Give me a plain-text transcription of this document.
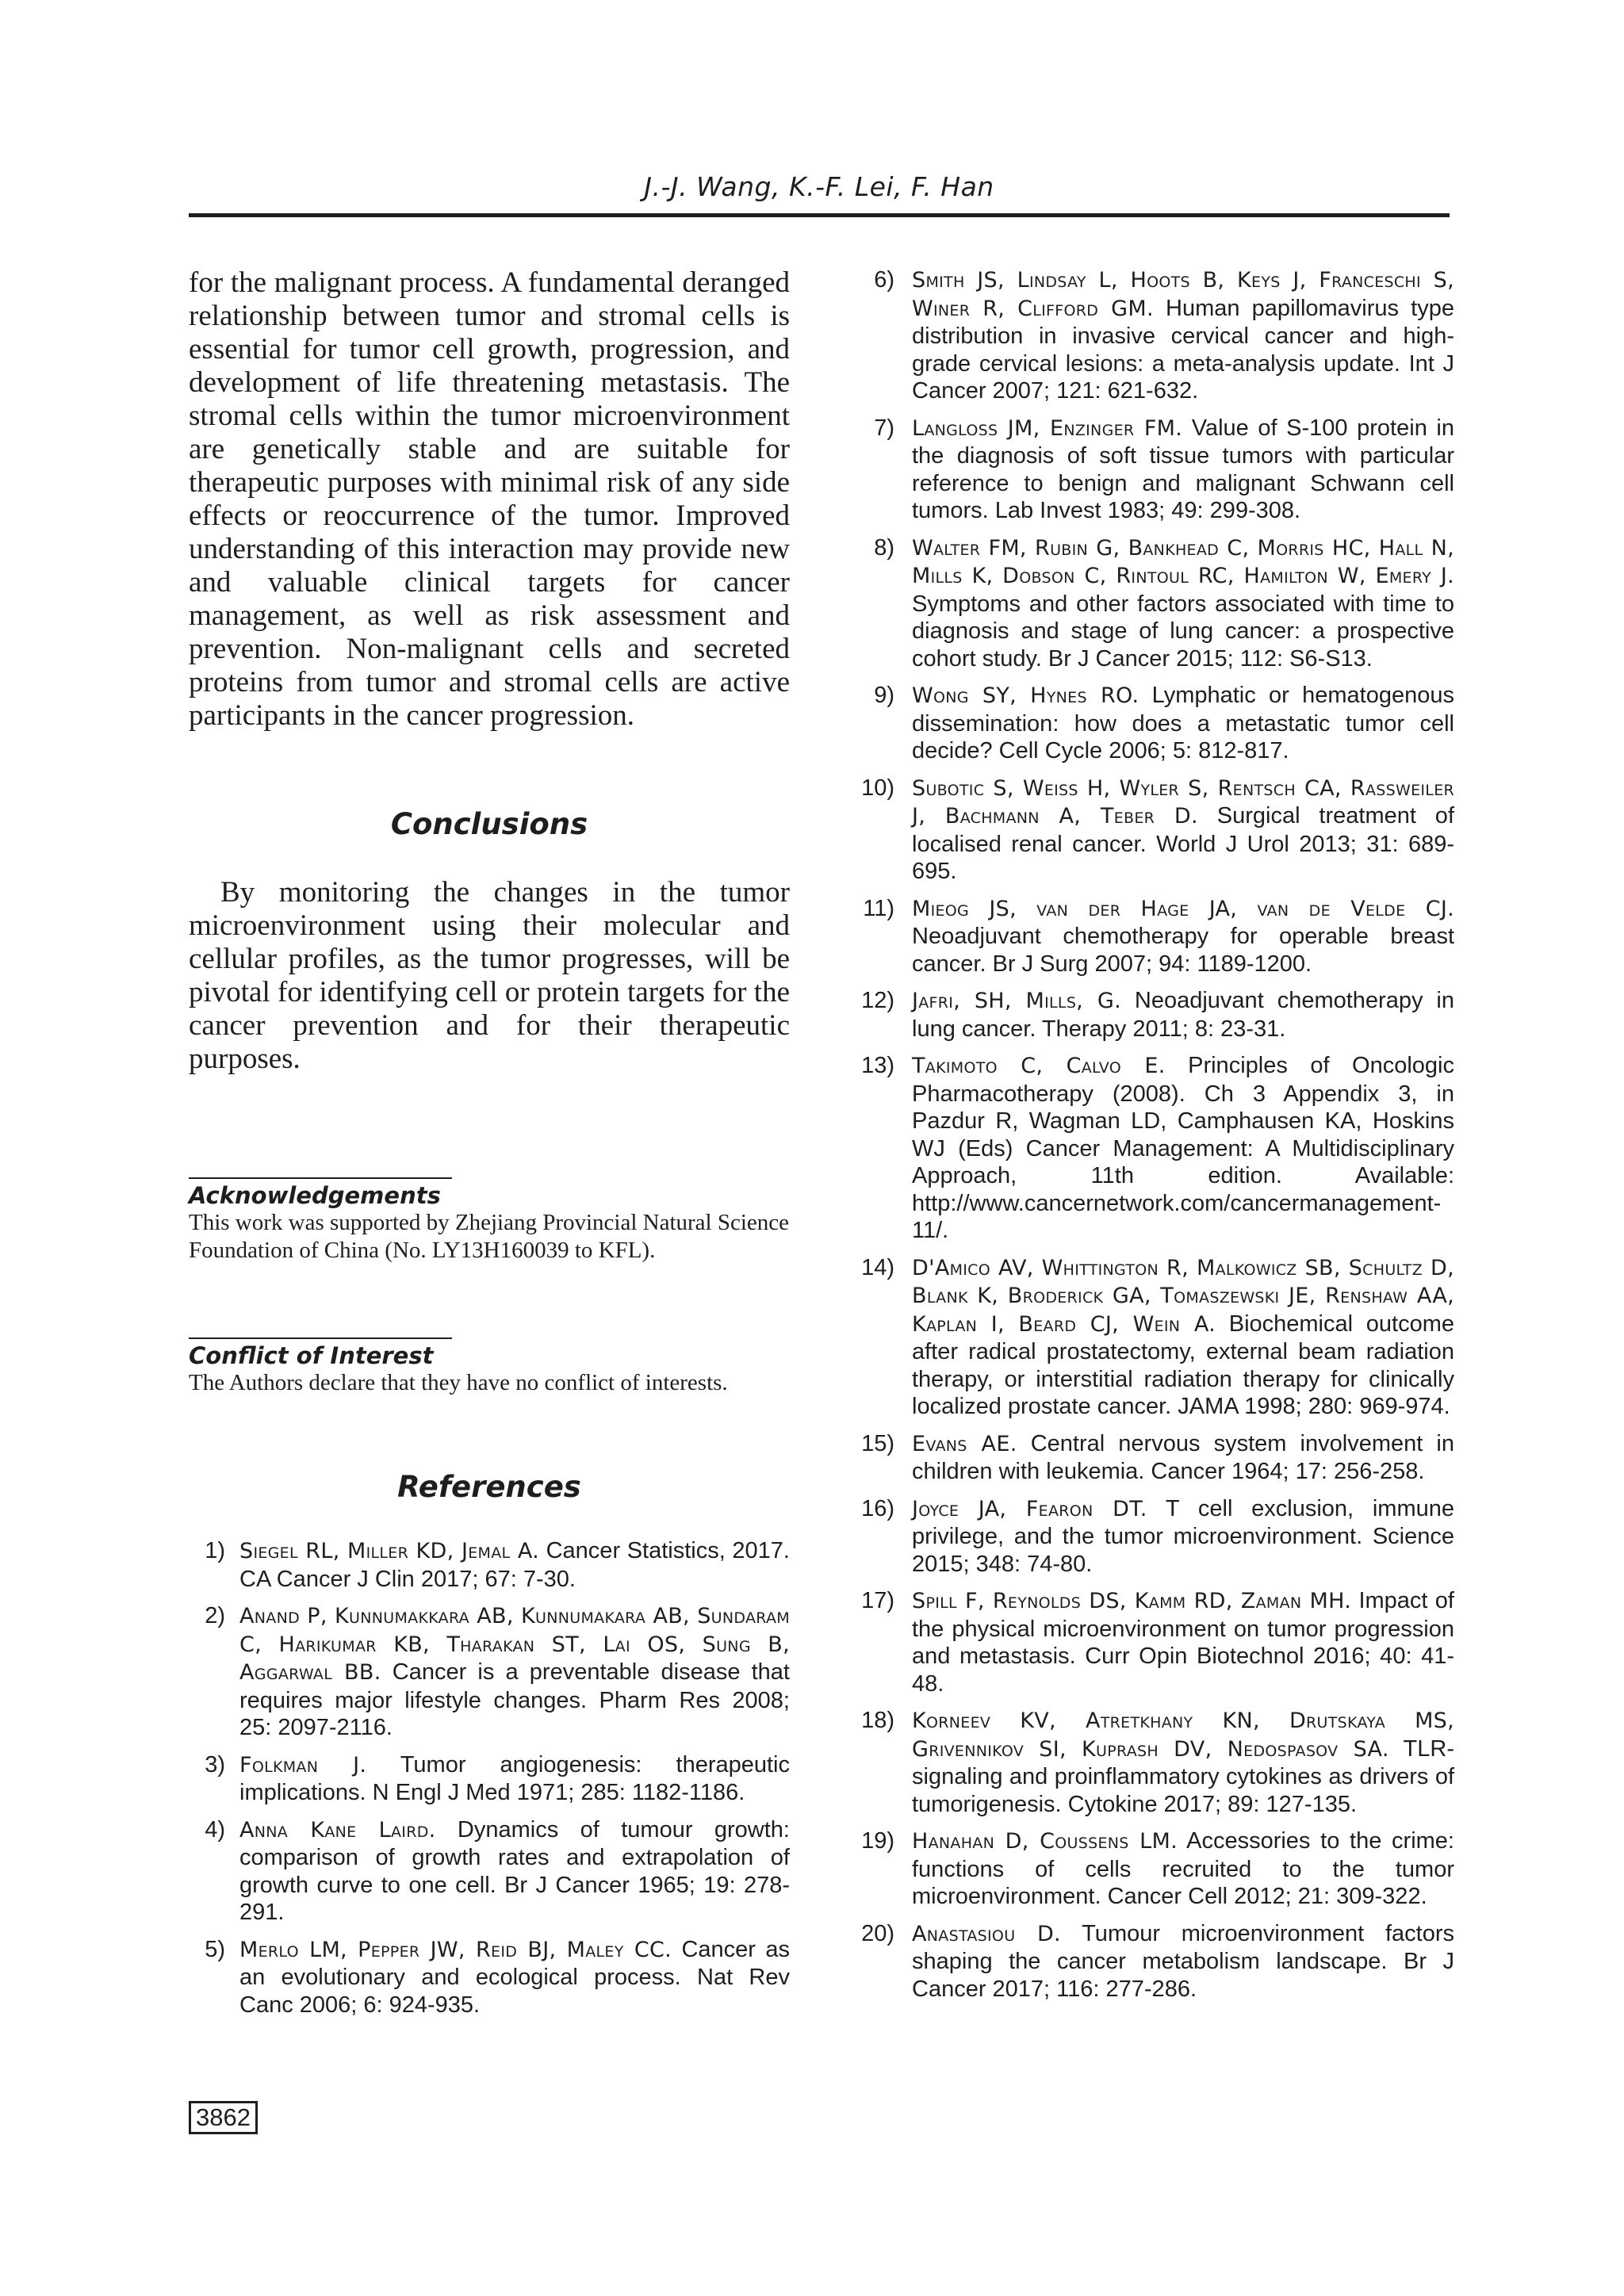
J.-J. Wang, K.-F. Lei, F. Han

for the malignant process. A fundamental deranged relationship between tumor and stromal cells is essential for tumor cell growth, progression, and development of life threatening metastasis. The stromal cells within the tumor microenvironment are genetically stable and are suitable for therapeutic purposes with minimal risk of any side effects or reoccurrence of the tumor. Improved understanding of this interaction may provide new and valuable clinical targets for cancer management, as well as risk assessment and prevention. Non-malignant cells and secreted proteins from tumor and stromal cells are active participants in the cancer progression.

Conclusions

By monitoring the changes in the tumor microenvironment using their molecular and cellular profiles, as the tumor progresses, will be pivotal for identifying cell or protein targets for the cancer prevention and for their therapeutic purposes.

Acknowledgements

This work was supported by Zhejiang Provincial Natural Science Foundation of China (No. LY13H160039 to KFL).

Conflict of Interest

The Authors declare that they have no conflict of interests.

References
1) Siegel RL, Miller KD, Jemal A. Cancer Statistics, 2017. CA Cancer J Clin 2017; 67: 7-30.
2) Anand P, Kunnumakkara AB, Kunnumakara AB, Sundaram C, Harikumar KB, Tharakan ST, Lai OS, Sung B, Aggarwal BB. Cancer is a preventable disease that requires major lifestyle changes. Pharm Res 2008; 25: 2097-2116.
3) Folkman J. Tumor angiogenesis: therapeutic implications. N Engl J Med 1971; 285: 1182-1186.
4) Anna Kane Laird. Dynamics of tumour growth: comparison of growth rates and extrapolation of growth curve to one cell. Br J Cancer 1965; 19: 278-291.
5) Merlo LM, Pepper JW, Reid BJ, Maley CC. Cancer as an evolutionary and ecological process. Nat Rev Canc 2006; 6: 924-935.
6) Smith JS, Lindsay L, Hoots B, Keys J, Franceschi S, Winer R, Clifford GM. Human papillomavirus type distribution in invasive cervical cancer and high-grade cervical lesions: a meta-analysis update. Int J Cancer 2007; 121: 621-632.
7) Langloss JM, Enzinger FM. Value of S-100 protein in the diagnosis of soft tissue tumors with particular reference to benign and malignant Schwann cell tumors. Lab Invest 1983; 49: 299-308.
8) Walter FM, Rubin G, Bankhead C, Morris HC, Hall N, Mills K, Dobson C, Rintoul RC, Hamilton W, Emery J. Symptoms and other factors associated with time to diagnosis and stage of lung cancer: a prospective cohort study. Br J Cancer 2015; 112: S6-S13.
9) Wong SY, Hynes RO. Lymphatic or hematogenous dissemination: how does a metastatic tumor cell decide? Cell Cycle 2006; 5: 812-817.
10) Subotic S, Weiss H, Wyler S, Rentsch CA, Rassweiler J, Bachmann A, Teber D. Surgical treatment of localised renal cancer. World J Urol 2013; 31: 689-695.
11) Mieog JS, van der Hage JA, van de Velde CJ. Neoadjuvant chemotherapy for operable breast cancer. Br J Surg 2007; 94: 1189-1200.
12) Jafri, SH, Mills, G. Neoadjuvant chemotherapy in lung cancer. Therapy 2011; 8: 23-31.
13) Takimoto C, Calvo E. Principles of Oncologic Pharmacotherapy (2008). Ch 3 Appendix 3, in Pazdur R, Wagman LD, Camphausen KA, Hoskins WJ (Eds) Cancer Management: A Multidisciplinary Approach, 11th edition. Available: http://www.cancernetwork.com/cancermanagement-11/.
14) D'Amico AV, Whittington R, Malkowicz SB, Schultz D, Blank K, Broderick GA, Tomaszewski JE, Renshaw AA, Kaplan I, Beard CJ, Wein A. Biochemical outcome after radical prostatectomy, external beam radiation therapy, or interstitial radiation therapy for clinically localized prostate cancer. JAMA 1998; 280: 969-974.
15) Evans AE. Central nervous system involvement in children with leukemia. Cancer 1964; 17: 256-258.
16) Joyce JA, Fearon DT. T cell exclusion, immune privilege, and the tumor microenvironment. Science 2015; 348: 74-80.
17) Spill F, Reynolds DS, Kamm RD, Zaman MH. Impact of the physical microenvironment on tumor progression and metastasis. Curr Opin Biotechnol 2016; 40: 41-48.
18) Korneev KV, Atretkhany KN, Drutskaya MS, Grivennikov SI, Kuprash DV, Nedospasov SA. TLR-signaling and proinflammatory cytokines as drivers of tumorigenesis. Cytokine 2017; 89: 127-135.
19) Hanahan D, Coussens LM. Accessories to the crime: functions of cells recruited to the tumor microenvironment. Cancer Cell 2012; 21: 309-322.
20) Anastasiou D. Tumour microenvironment factors shaping the cancer metabolism landscape. Br J Cancer 2017; 116: 277-286.
3862
